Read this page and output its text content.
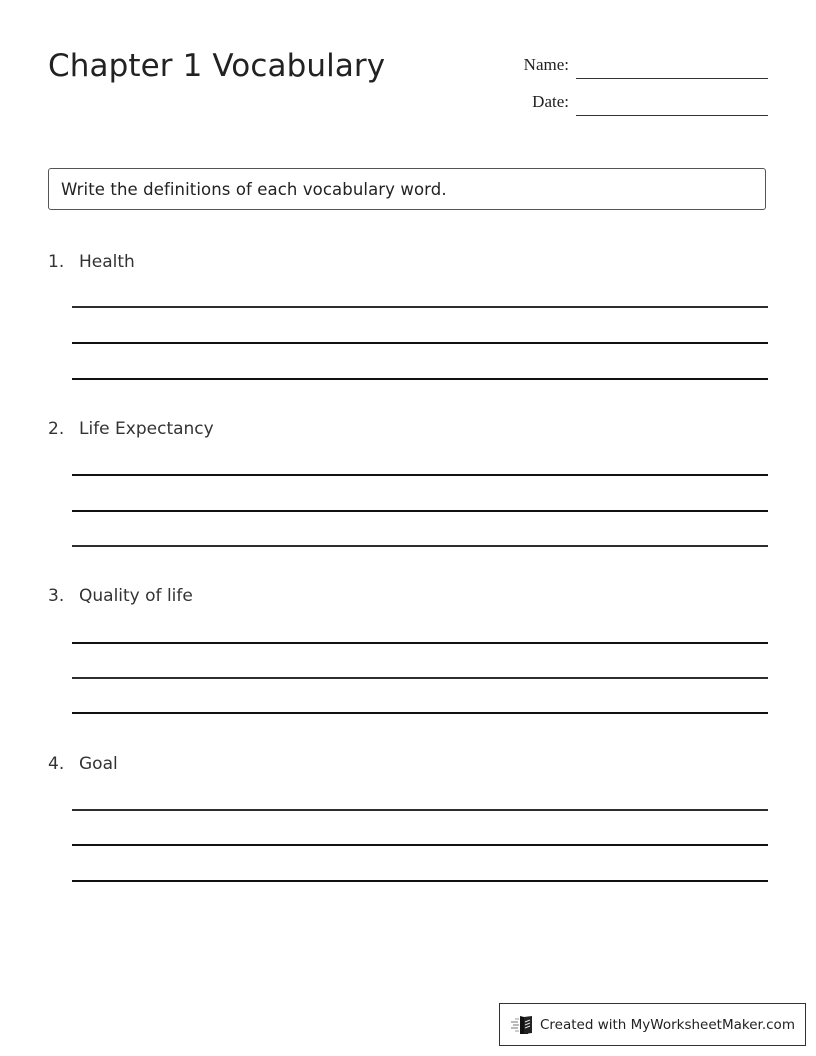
Chapter 1 Vocabulary	Name:
Date:
Write the definitions of each vocabulary word.
1. Health
2. Life Expectancy
3. Quality of life
4. Goal
Created with MyWorksheetMaker.com
